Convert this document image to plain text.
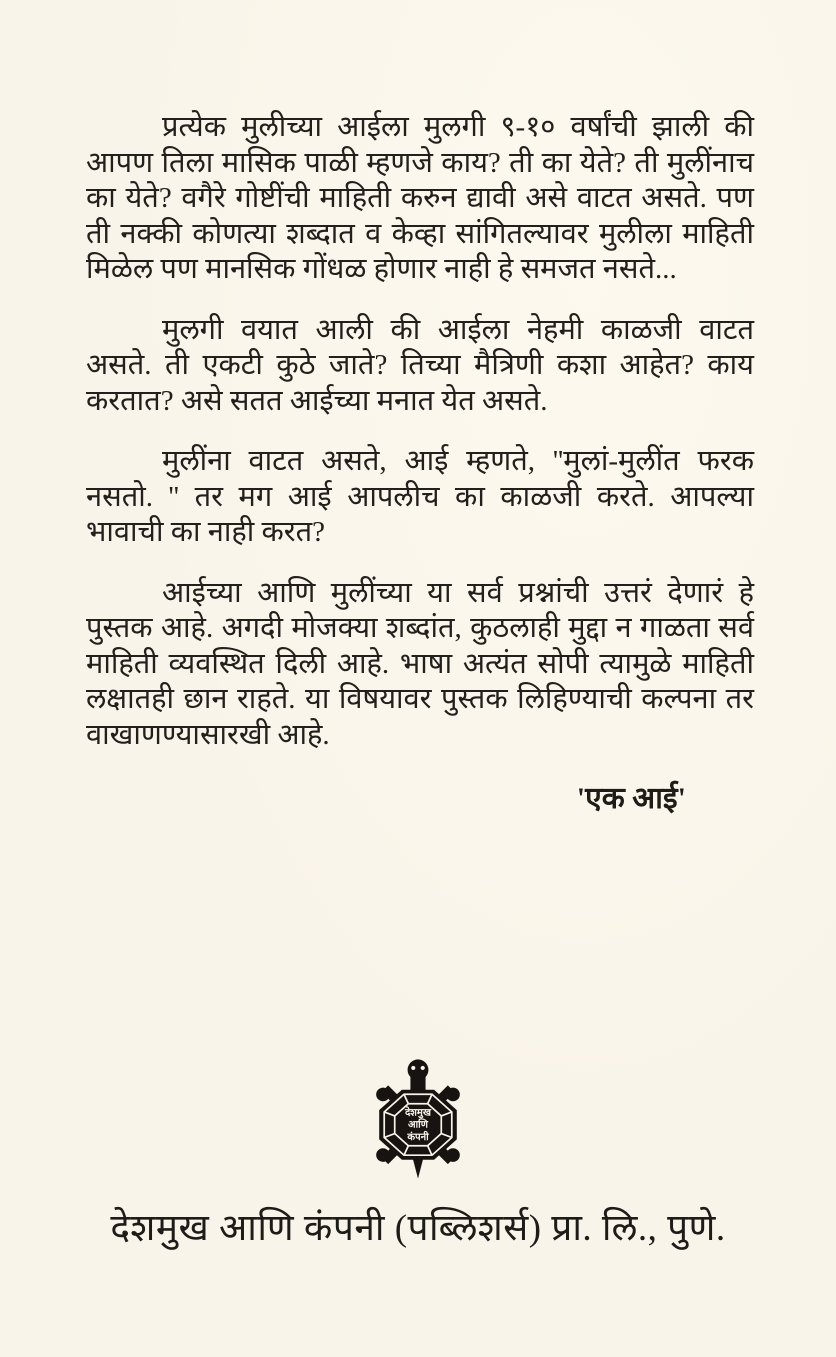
प्रत्येक मुलीच्या आईला मुलगी ९-१० वर्षांची झाली की आपण तिला मासिक पाळी म्हणजे काय? ती का येते? ती मुलींनाच का येते? वगैरे गोष्टींची माहिती करुन द्यावी असे वाटत असते. पण ती नक्की कोणत्या शब्दात व केव्हा सांगितल्यावर मुलीला माहिती मिळेल पण मानसिक गोंधळ होणार नाही हे समजत नसते...

मुलगी वयात आली की आईला नेहमी काळजी वाटत असते. ती एकटी कुठे जाते? तिच्या मैत्रिणी कशा आहेत? काय करतात? असे सतत आईच्या मनात येत असते.

मुलींना वाटत असते, आई म्हणते, ''मुलां-मुलींत फरक नसतो. '' तर मग आई आपलीच का काळजी करते. आपल्या भावाची का नाही करत?

आईच्या आणि मुलींच्या या सर्व प्रश्नांची उत्तरं देणारं हे पुस्तक आहे. अगदी मोजक्या शब्दांत, कुठलाही मुद्दा न गाळता सर्व माहिती व्यवस्थित दिली आहे. भाषा अत्यंत सोपी त्यामुळे माहिती लक्षातही छान राहते. या विषयावर पुस्तक लिहिण्याची कल्पना तर वाखाणण्यासारखी आहे.

'एक आई'
देशमुख
आणि
कंपनी
देशमुख आणि कंपनी (पब्लिशर्स) प्रा. लि., पुणे.
